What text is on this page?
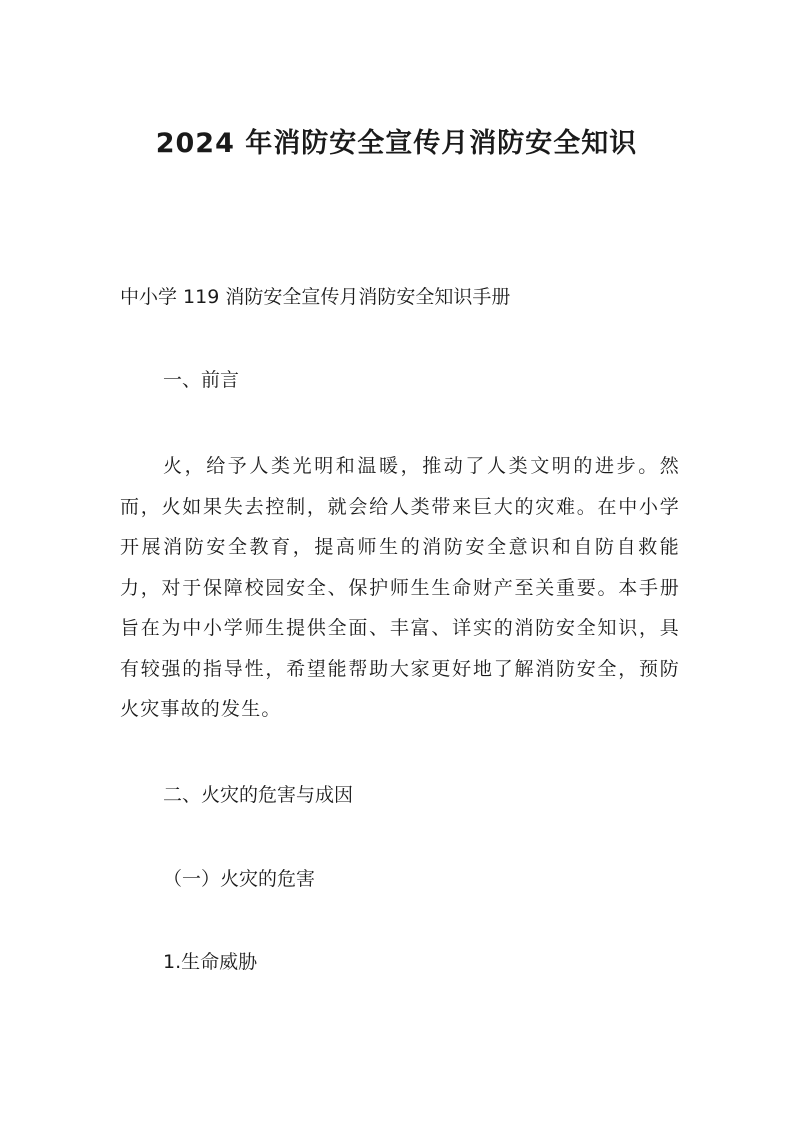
2024 年消防安全宣传月消防安全知识

中小学 119 消防安全宣传月消防安全知识手册

一、前言

火，给予人类光明和温暖，推动了人类文明的进步。然而，火如果失去控制，就会给人类带来巨大的灾难。在中小学开展消防安全教育，提高师生的消防安全意识和自防自救能力，对于保障校园安全、保护师生生命财产至关重要。本手册旨在为中小学师生提供全面、丰富、详实的消防安全知识，具有较强的指导性，希望能帮助大家更好地了解消防安全，预防火灾事故的发生。

二、火灾的危害与成因

（一）火灾的危害

1.生命威胁
